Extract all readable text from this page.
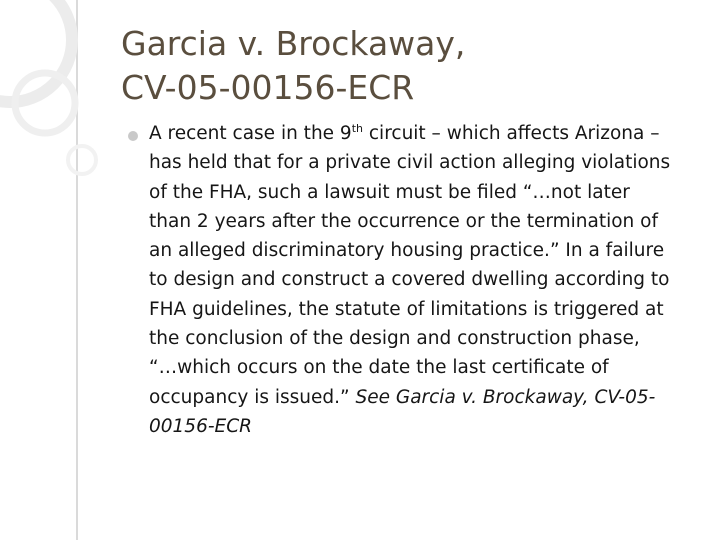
Garcia v. Brockaway,
CV-05-00156-ECR

A recent case in the 9th circuit – which affects Arizona –
has held that for a private civil action alleging violations
of the FHA, such a lawsuit must be filed “…not later
than 2 years after the occurrence or the termination of
an alleged discriminatory housing practice.” In a failure
to design and construct a covered dwelling according to
FHA guidelines, the statute of limitations is triggered at
the conclusion of the design and construction phase,
“…which occurs on the date the last certificate of
occupancy is issued.” See Garcia v. Brockaway, CV-05-
00156-ECR
